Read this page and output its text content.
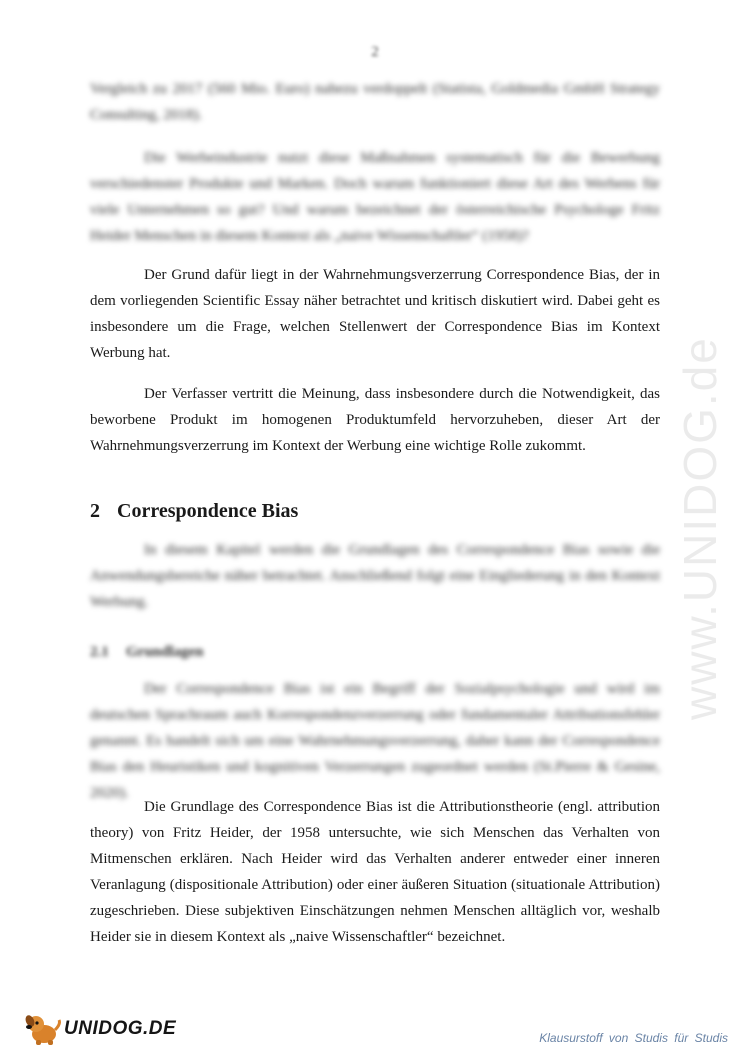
2

Vergleich zu 2017 (560 Mio. Euro) nahezu verdoppelt (Statista, Goldmedia GmbH Strategy Consulting, 2018).

Die Werbeindustrie nutzt diese Maßnahmen systematisch für die Bewerbung verschiedenster Produkte und Marken. Doch warum funktioniert diese Art des Werbens für viele Unternehmen so gut? Und warum bezeichnet der österreichische Psychologe Fritz Heider Menschen in diesem Kontext als „naive Wissenschaftler“ (1958)?

Der Grund dafür liegt in der Wahrnehmungsverzerrung Correspondence Bias, der in dem vorliegenden Scientific Essay näher betrachtet und kritisch diskutiert wird. Dabei geht es insbesondere um die Frage, welchen Stellenwert der Correspondence Bias im Kontext Werbung hat.

Der Verfasser vertritt die Meinung, dass insbesondere durch die Notwendigkeit, das beworbene Produkt im homogenen Produktumfeld hervorzuheben, dieser Art der Wahrnehmungsverzerrung im Kontext der Werbung eine wichtige Rolle zukommt.

2 Correspondence Bias

In diesem Kapitel werden die Grundlagen des Correspondence Bias sowie die Anwendungsbereiche näher betrachtet. Anschließend folgt eine Eingliederung in den Kontext Werbung.

2.1 Grundlagen

Der Correspondence Bias ist ein Begriff der Sozialpsychologie und wird im deutschen Sprachraum auch Korrespondenzverzerrung oder fundamentaler Attributionsfehler genannt. Es handelt sich um eine Wahrnehmungsverzerrung, daher kann der Correspondence Bias den Heuristiken und kognitiven Verzerrungen zugeordnet werden (St.Pierre & Gesine, 2020).

Die Grundlage des Correspondence Bias ist die Attributionstheorie (engl. attribution theory) von Fritz Heider, der 1958 untersuchte, wie sich Menschen das Verhalten von Mitmenschen erklären. Nach Heider wird das Verhalten anderer entweder einer inneren Veranlagung (dispositionale Attribution) oder einer äußeren Situation (situationale Attribution) zugeschrieben. Diese subjektiven Einschätzungen nehmen Menschen alltäglich vor, weshalb Heider sie in diesem Kontext als „naive Wissenschaftler“ bezeichnet.

www.UNIDOG.de
UNIDOG.DE	Klausurstoff von Studis für Studis
